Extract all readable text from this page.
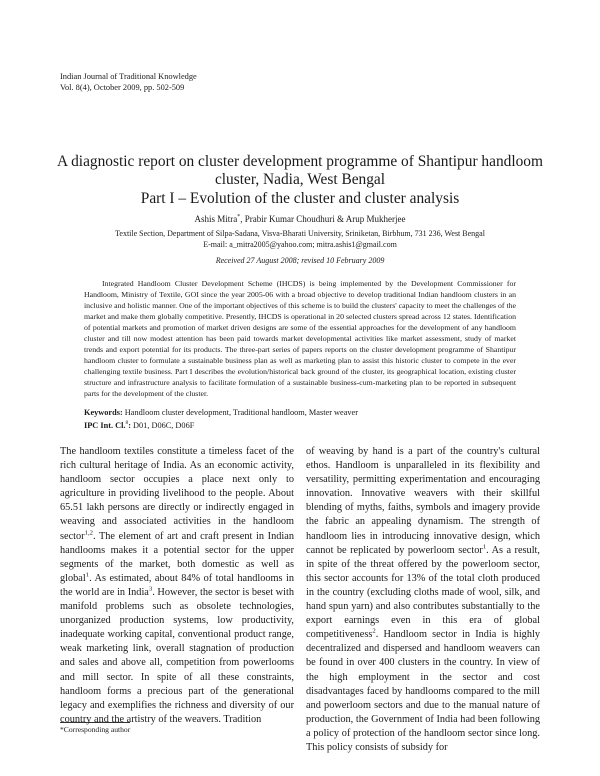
Indian Journal of Traditional Knowledge
Vol. 8(4), October 2009, pp. 502-509
A diagnostic report on cluster development programme of Shantipur handloom
cluster, Nadia, West Bengal
Part I – Evolution of the cluster and cluster analysis
Ashis Mitra*, Prabir Kumar Choudhuri & Arup Mukherjee
Textile Section, Department of Silpa-Sadana, Visva-Bharati University, Sriniketan, Birbhum, 731 236, West Bengal
E-mail: a_mitra2005@yahoo.com; mitra.ashis1@gmail.com
Received 27 August 2008; revised 10 February 2009

Integrated Handloom Cluster Development Scheme (IHCDS) is being implemented by the Development Commissioner for Handloom, Ministry of Textile, GOI since the year 2005-06 with a broad objective to develop traditional Indian handloom clusters in an inclusive and holistic manner. One of the important objectives of this scheme is to build the clusters' capacity to meet the challenges of the market and make them globally competitive. Presently, IHCDS is operational in 20 selected clusters spread across 12 states. Identification of potential markets and promotion of market driven designs are some of the essential approaches for the development of any handloom cluster and till now modest attention has been paid towards market developmental activities like market assessment, study of market trends and export potential for its products. The three-part series of papers reports on the cluster development programme of Shantipur handloom cluster to formulate a sustainable business plan as well as marketing plan to assist this historic cluster to compete in the ever challenging textile business. Part I describes the evolution/historical back ground of the cluster, its geographical location, existing cluster structure and infrastructure analysis to facilitate formulation of a sustainable business-cum-marketing plan to be reported in subsequent parts for the development of the cluster.

Keywords: Handloom cluster development, Traditional handloom, Master weaver
IPC Int. Cl.$^8$: D01, D06C, D06F
The handloom textiles constitute a timeless facet of the rich cultural heritage of India. As an economic activity, handloom sector occupies a place next only to agriculture in providing livelihood to the people. About 65.51 lakh persons are directly or indirectly engaged in weaving and associated activities in the handloom sector$^{1,2}$. The element of art and craft present in Indian handlooms makes it a potential sector for the upper segments of the market, both domestic as well as global$^1$. As estimated, about 84% of total handlooms in the world are in India$^3$. However, the sector is beset with manifold problems such as obsolete technologies, unorganized production systems, low productivity, inadequate working capital, conventional product range, weak marketing link, overall stagnation of production and sales and above all, competition from powerlooms and mill sector. In spite of all these constraints, handloom forms a precious part of the generational legacy and exemplifies the richness and diversity of our country and the artistry of the weavers. Tradition
of weaving by hand is a part of the country's cultural ethos. Handloom is unparalleled in its flexibility and versatility, permitting experimentation and encouraging innovation. Innovative weavers with their skillful blending of myths, faiths, symbols and imagery provide the fabric an appealing dynamism. The strength of handloom lies in introducing innovative design, which cannot be replicated by powerloom sector$^1$. As a result, in spite of the threat offered by the powerloom sector, this sector accounts for 13% of the total cloth produced in the country (excluding cloths made of wool, silk, and hand spun yarn) and also contributes substantially to the export earnings even in this era of global competitiveness$^2$. Handloom sector in India is highly decentralized and dispersed and handloom weavers can be found in over 400 clusters in the country. In view of the high employment in the sector and cost disadvantages faced by handlooms compared to the mill and powerloom sectors and due to the manual nature of production, the Government of India had been following a policy of protection of the handloom sector since long. This policy consists of subsidy for
*Corresponding author
